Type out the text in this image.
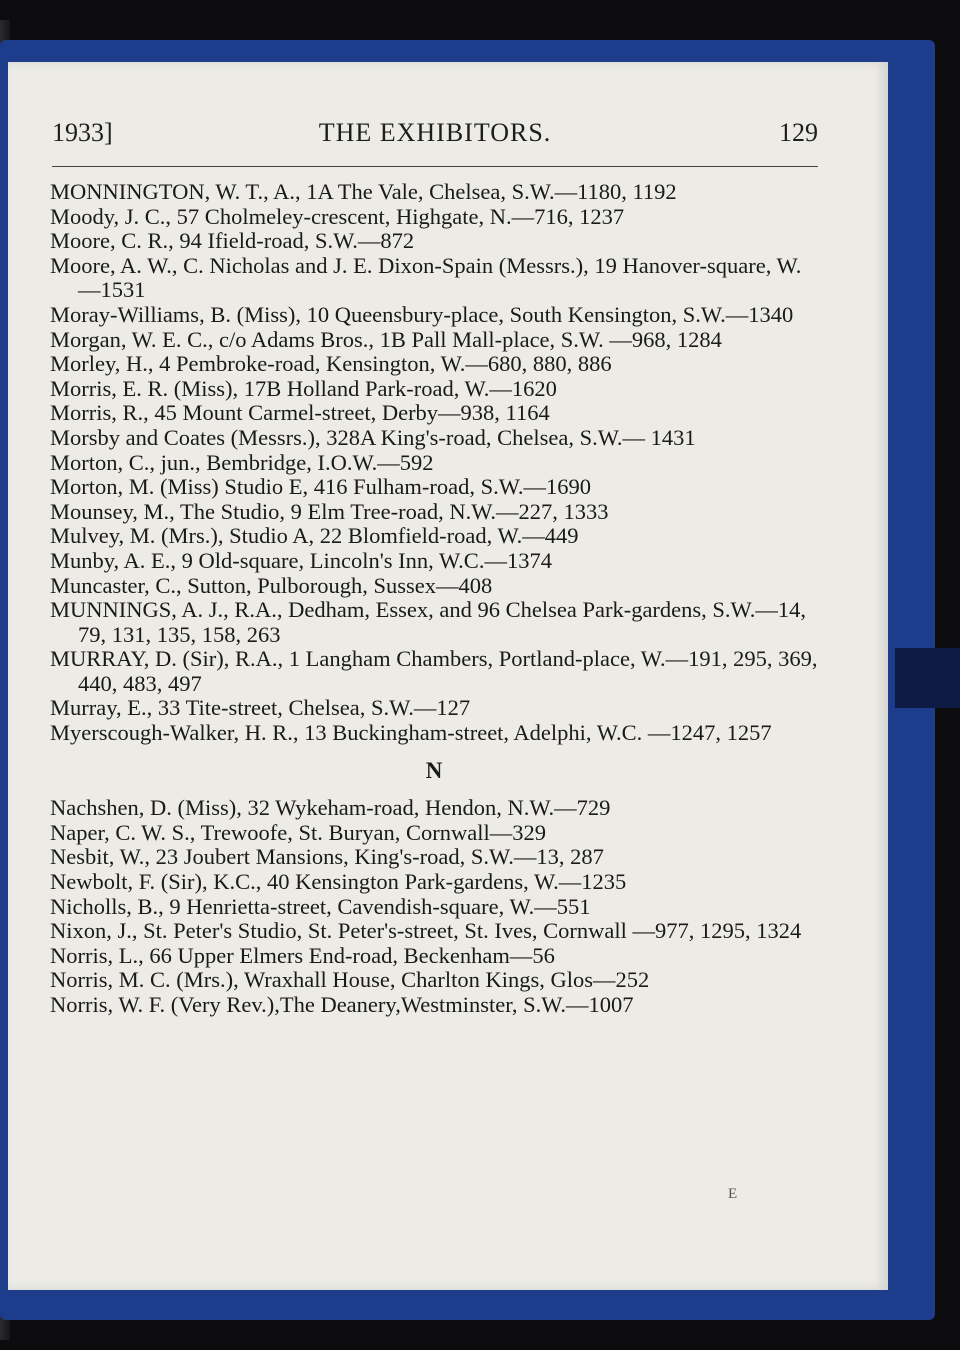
1933]	THE EXHIBITORS.	129
MONNINGTON, W. T., A., 1A The Vale, Chelsea, S.W.—1180, 1192
Moody, J. C., 57 Cholmeley-crescent, Highgate, N.—716, 1237
Moore, C. R., 94 Ifield-road, S.W.—872
Moore, A. W., C. Nicholas and J. E. Dixon-Spain (Messrs.), 19 Hanover-square, W.—1531
Moray-Williams, B. (Miss), 10 Queensbury-place, South Kensington, S.W.—1340
Morgan, W. E. C., c/o Adams Bros., 1B Pall Mall-place, S.W. —968, 1284
Morley, H., 4 Pembroke-road, Kensington, W.—680, 880, 886
Morris, E. R. (Miss), 17B Holland Park-road, W.—1620
Morris, R., 45 Mount Carmel-street, Derby—938, 1164
Morsby and Coates (Messrs.), 328A King's-road, Chelsea, S.W.— 1431
Morton, C., jun., Bembridge, I.O.W.—592
Morton, M. (Miss) Studio E, 416 Fulham-road, S.W.—1690
Mounsey, M., The Studio, 9 Elm Tree-road, N.W.—227, 1333
Mulvey, M. (Mrs.), Studio A, 22 Blomfield-road, W.—449
Munby, A. E., 9 Old-square, Lincoln's Inn, W.C.—1374
Muncaster, C., Sutton, Pulborough, Sussex—408
MUNNINGS, A. J., R.A., Dedham, Essex, and 96 Chelsea Park-gardens, S.W.—14, 79, 131, 135, 158, 263
MURRAY, D. (Sir), R.A., 1 Langham Chambers, Portland-place, W.—191, 295, 369, 440, 483, 497
Murray, E., 33 Tite-street, Chelsea, S.W.—127
Myerscough-Walker, H. R., 13 Buckingham-street, Adelphi, W.C. —1247, 1257
N
Nachshen, D. (Miss), 32 Wykeham-road, Hendon, N.W.—729
Naper, C. W. S., Trewoofe, St. Buryan, Cornwall—329
Nesbit, W., 23 Joubert Mansions, King's-road, S.W.—13, 287
Newbolt, F. (Sir), K.C., 40 Kensington Park-gardens, W.—1235
Nicholls, B., 9 Henrietta-street, Cavendish-square, W.—551
Nixon, J., St. Peter's Studio, St. Peter's-street, St. Ives, Cornwall —977, 1295, 1324
Norris, L., 66 Upper Elmers End-road, Beckenham—56
Norris, M. C. (Mrs.), Wraxhall House, Charlton Kings, Glos—252
Norris, W. F. (Very Rev.),The Deanery,Westminster, S.W.—1007
E
